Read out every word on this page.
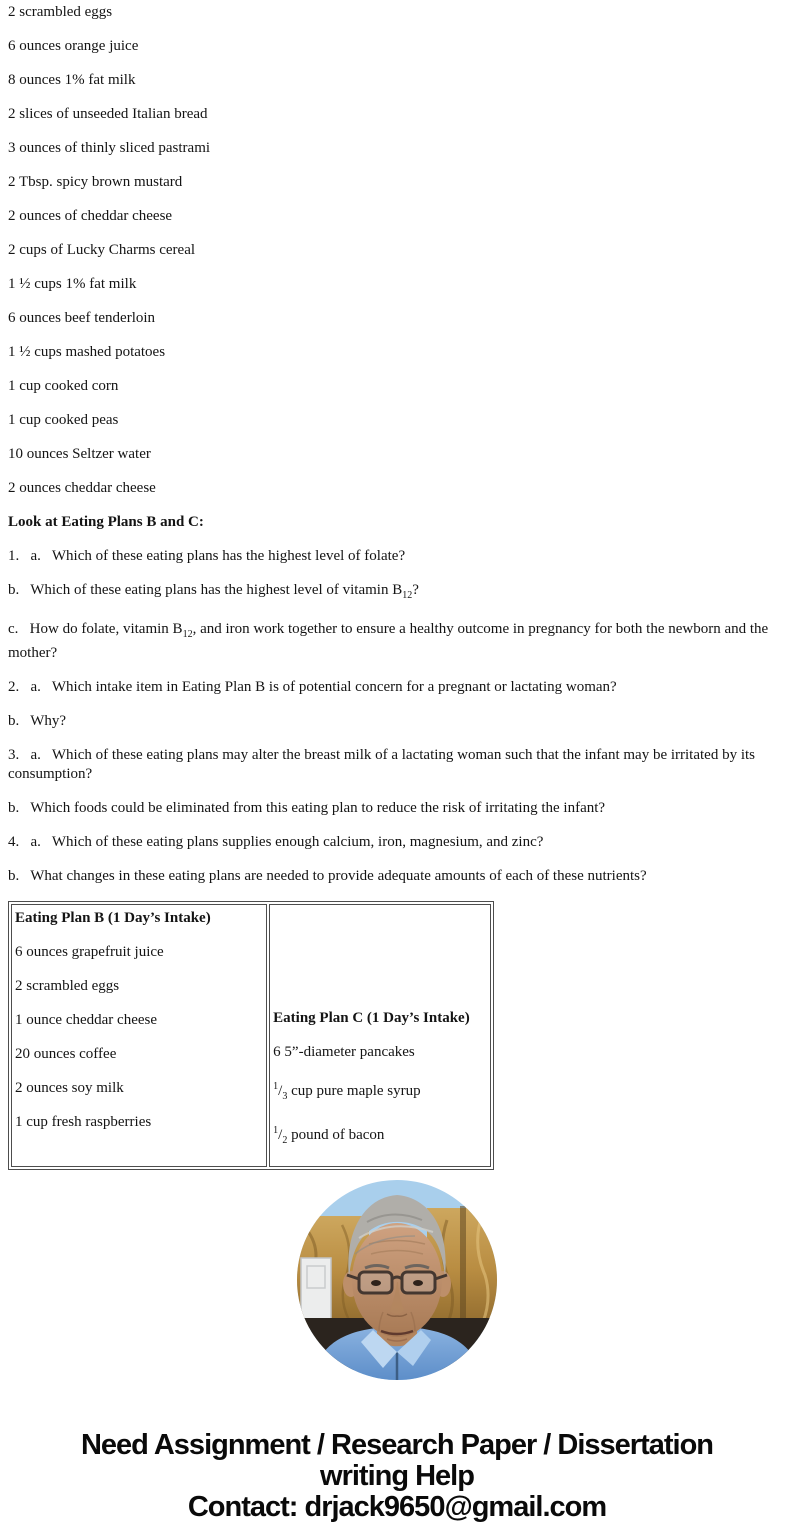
2 scrambled eggs

6 ounces orange juice

8 ounces 1% fat milk

2 slices of unseeded Italian bread

3 ounces of thinly sliced pastrami

2 Tbsp. spicy brown mustard

2 ounces of cheddar cheese

2 cups of Lucky Charms cereal

1 ½ cups 1% fat milk

6 ounces beef tenderloin

1 ½ cups mashed potatoes

1 cup cooked corn

1 cup cooked peas

10 ounces Seltzer water

2 ounces cheddar cheese

Look at Eating Plans B and C:

1.   a.   Which of these eating plans has the highest level of folate?

b.   Which of these eating plans has the highest level of vitamin $B_{12}$?

c.   How do folate, vitamin $B_{12}$, and iron work together to ensure a healthy outcome in pregnancy for both the newborn and the mother?

2.   a.   Which intake item in Eating Plan B is of potential concern for a pregnant or lactating woman?

b.   Why?

3.   a.   Which of these eating plans may alter the breast milk of a lactating woman such that the infant may be irritated by its consumption?

b.   Which foods could be eliminated from this eating plan to reduce the risk of irritating the infant?

4.   a.   Which of these eating plans supplies enough calcium, iron, magnesium, and zinc?

b.   What changes in these eating plans are needed to provide adequate amounts of each of these nutrients?

Eating Plan B (1 Day’s Intake)

6 ounces grapefruit juice

2 scrambled eggs

1 ounce cheddar cheese

20 ounces coffee

2 ounces soy milk

1 cup fresh raspberries

Eating Plan C (1 Day’s Intake)

6 5”-diameter pancakes

$^1/_3$ cup pure maple syrup

$^1/_2$ pound of bacon

Need Assignment / Research Paper / Dissertation
writing Help
Contact: drjack9650@gmail.com
